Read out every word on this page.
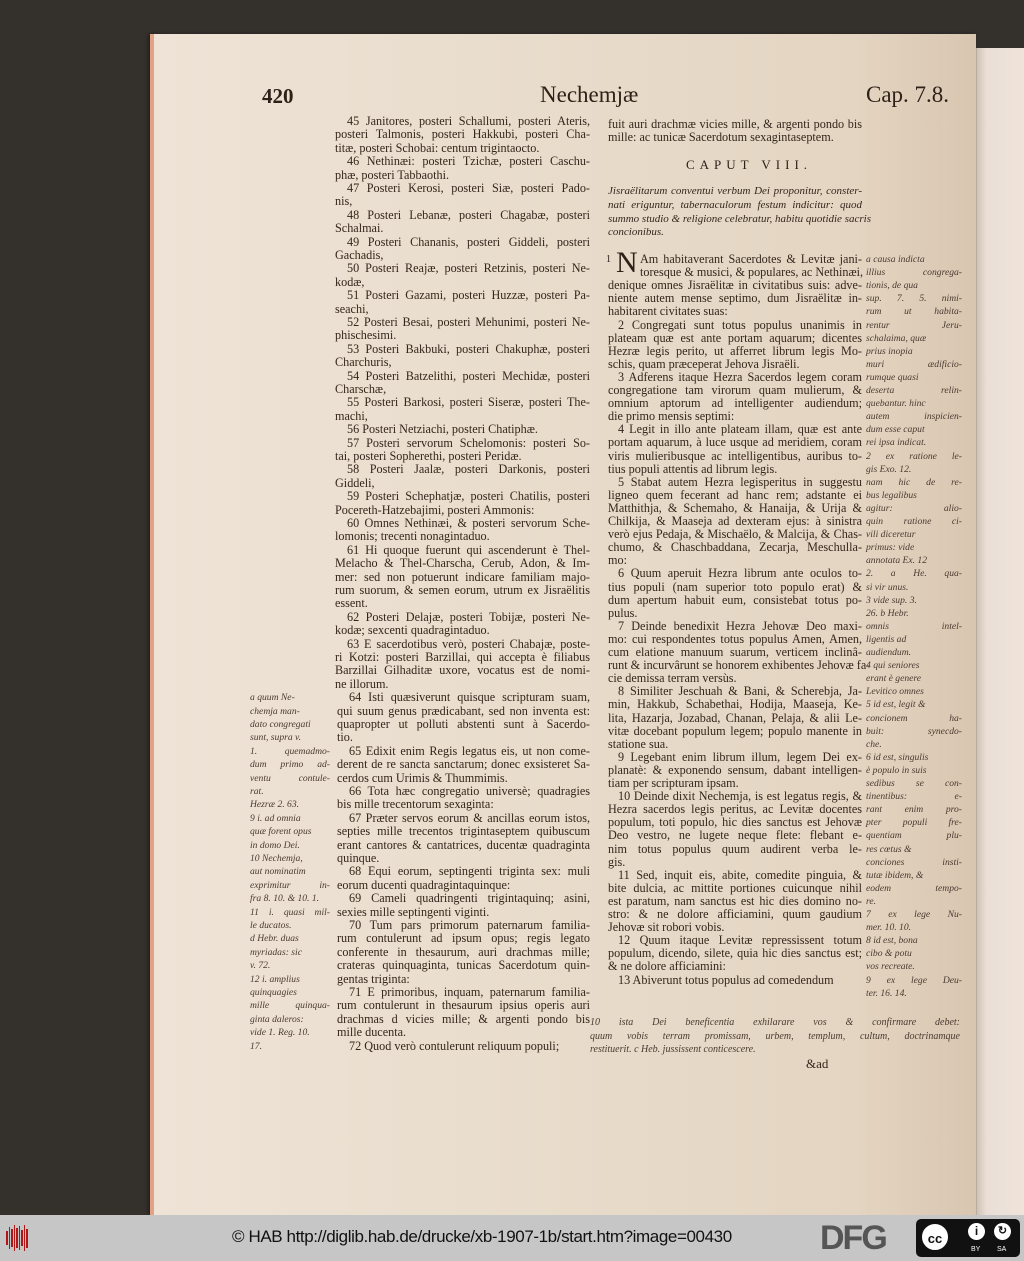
420	Nechemjæ	Cap. 7.8.
45 Janitores, posteri Schallumi, posteri Ateris,
posteri Talmonis, posteri Hakkubi, posteri Cha-
titæ, posteri Schobai: centum trigintaocto.
46 Nethinæi: posteri Tzichæ, posteri Caschu-
phæ, posteri Tabbaothi.
47 Posteri Kerosi, posteri Siæ, posteri Pado-
nis,
48 Posteri Lebanæ, posteri Chagabæ, posteri
Schalmai.
49 Posteri Chananis, posteri Giddeli, posteri
Gachadis,
50 Posteri Reajæ, posteri Retzinis, posteri Ne-
kodæ,
51 Posteri Gazami, posteri Huzzæ, posteri Pa-
seachi,
52 Posteri Besai, posteri Mehunimi, posteri Ne-
phischesimi.
53 Posteri Bakbuki, posteri Chakuphæ, posteri
Charchuris,
54 Posteri Batzelithi, posteri Mechidæ, posteri
Charschæ,
55 Posteri Barkosi, posteri Siseræ, posteri The-
machi,
56 Posteri Netziachi, posteri Chatiphæ.
57 Posteri servorum Schelomonis: posteri So-
tai, posteri Sopherethi, posteri Peridæ.
58 Posteri Jaalæ, posteri Darkonis, posteri
Giddeli,
59 Posteri Schephatjæ, posteri Chatilis, posteri
Pocereth-Hatzebajimi, posteri Ammonis:
60 Omnes Nethinæi, & posteri servorum Sche-
lomonis; trecenti nonagintaduo.
61 Hi quoque fuerunt qui ascenderunt è Thel-
Melacho & Thel-Charscha, Cerub, Adon, & Im-
mer: sed non potuerunt indicare familiam majo-
rum suorum, & semen eorum, utrum ex Jisraëlitis
essent.
62 Posteri Delajæ, posteri Tobijæ, posteri Ne-
kodæ; sexcenti quadragintaduo.
63 E sacerdotibus verò, posteri Chabajæ, poste-
ri Kotzi: posteri Barzillai, qui accepta è filiabus
Barzillai Gilhaditæ uxore, vocatus est de nomi-
ne illorum.
64 Isti quæsiverunt quisque scripturam suam,
qui suum genus prædicabant, sed non inventa est:
quapropter ut polluti abstenti sunt à Sacerdo-
tio.
65 Edixit enim Regis legatus eis, ut non come-
derent de re sancta sanctarum; donec exsisteret Sa-
cerdos cum Urimis & Thummimis.
66 Tota hæc congregatio universè; quadragies
bis mille trecentorum sexaginta:
67 Præter servos eorum & ancillas eorum istos,
septies mille trecentos trigintaseptem quibuscum
erant cantores & cantatrices, ducentæ quadraginta
quinque.
68 Equi eorum, septingenti triginta sex: muli
eorum ducenti quadragintaquinque:
69 Cameli quadringenti trigintaquinq; asini,
sexies mille septingenti viginti.
70 Tum pars primorum paternarum familia-
rum contulerunt ad ipsum opus; regis legato
conferente in thesaurum, auri drachmas mille;
crateras quinquaginta, tunicas Sacerdotum quin-
gentas triginta:
71 E primoribus, inquam, paternarum familia-
rum contulerunt in thesaurum ipsius operis auri
drachmas d vicies mille; & argenti pondo bis
mille ducenta.
72 Quod verò contulerunt reliquum populi;
a quum Ne-
chemja man-
dato congregati
sunt, supra v.
1. quemadmo-
dum primo ad-
ventu contule-
rat.
Hezræ 2. 63.
9 i. ad omnia
quæ forent opus
in domo Dei.
10 Nechemja,
aut nominatim
exprimitur in-
fra 8. 10. & 10. 1.
11 i. quasi mil-
le ducatos.
d Hebr. duas
myriadas: sic
v. 72.
12 i. amplius
quinquagies
mille quinqua-
ginta daleros:
vide 1. Reg. 10.
17.
fuit auri drachmæ vicies mille, & argenti pondo bis
mille: ac tunicæ Sacerdotum sexagintaseptem.
Jisraëlitarum conventui verbum Dei proponitur, conster-
nati eriguntur, tabernaculorum festum indicitur: quod
summo studio & religione celebratur, habitu quotidie sacris
concionibus.
Am habitaverant Sacerdotes & Levitæ jani-
toresque & musici, & populares, ac Nethinæi,
denique omnes Jisraëlitæ in civitatibus suis: adve-
niente autem mense septimo, dum Jisraëlitæ in-
habitarent civitates suas:
2 Congregati sunt totus populus unanimis in
plateam quæ est ante portam aquarum; dicentes
Hezræ legis perito, ut afferret librum legis Mo-
schis, quam præceperat Jehova Jisraëli.
3 Adferens itaque Hezra Sacerdos legem coram
congregatione tam virorum quam mulierum, &
omnium aptorum ad intelligenter audiendum;
die primo mensis septimi:
4 Legit in illo ante plateam illam, quæ est ante
portam aquarum, à luce usque ad meridiem, coram
viris mulieribusque ac intelligentibus, auribus to-
tius populi attentis ad librum legis.
5 Stabat autem Hezra legisperitus in suggestu
ligneo quem fecerant ad hanc rem; adstante ei
Matthithja, & Schemaho, & Hanaija, & Urija &
Chilkija, & Maaseja ad dexteram ejus: à sinistra
verò ejus Pedaja, & Mischaëlo, & Malcija, & Chas-
chumo, & Chaschbaddana, Zecarja, Meschulla-
mo:
6 Quum aperuit Hezra librum ante oculos to-
tius populi (nam superior toto populo erat) &
dum apertum habuit eum, consistebat totus po-
pulus.
7 Deinde benedixit Hezra Jehovæ Deo maxi-
mo: cui respondentes totus populus Amen, Amen,
cum elatione manuum suarum, verticem inclinâ-
runt & incurvârunt se honorem exhibentes Jehovæ fa-
cie demissa terram versùs.
8 Similiter Jeschuah & Bani, & Scherebja, Ja-
min, Hakkub, Schabethai, Hodija, Maaseja, Ke-
lita, Hazarja, Jozabad, Chanan, Pelaja, & alii Le-
vitæ docebant populum legem; populo manente in
statione sua.
9 Legebant enim librum illum, legem Dei ex-
planatè: & exponendo sensum, dabant intelligen-
tiam per scripturam ipsam.
10 Deinde dixit Nechemja, is est legatus regis, &
Hezra sacerdos legis peritus, ac Levitæ docentes
populum, toti populo, hic dies sanctus est Jehovæ
Deo vestro, ne lugete neque flete: flebant e-
nim totus populus quum audirent verba le-
gis.
11 Sed, inquit eis, abite, comedite pinguia, &
bite dulcia, ac mittite portiones cuicunque nihil
est paratum, nam sanctus est hic dies domino no-
stro: & ne dolore afficiamini, quum gaudium
Jehovæ sit robori vobis.
12 Quum itaque Levitæ repressissent totum
populum, dicendo, silete, quia hic dies sanctus est;
& ne dolore afficiamini:
13 Abiverunt totus populus ad comedendum
a causa indicta
illius congrega-
tionis, de qua
sup. 7. 5. nimi-
rum ut habita-
rentur Jeru-
schalaima, quæ
prius inopia
muri ædificio-
rumque quasi
deserta relin-
quebantur. hinc
autem inspicien-
dum esse caput
rei ipsa indicat.
2 ex ratione le-
gis Exo. 12.
nam hic de re-
bus legalibus
agitur: alio-
quin ratione ci-
vili diceretur
primus: vide
annotata Ex. 12
2. a He. qua-
si vir unus.
3 vide sup. 3.
26. b Hebr.
omnis intel-
ligentis ad
audiendum.
4 qui seniores
erant è genere
Levitico omnes
5 id est, legit &
concionem ha-
buit: synecdo-
che.
6 id est, singulis
è populo in suis
sedibus se con-
tinentibus: e-
rant enim pro-
pter populi fre-
quentiam plu-
res cœtus &
conciones insti-
tutæ ibidem, &
eodem tempo-
re.
7 ex lege Nu-
mer. 10. 10.
8 id est, bona
cibo & potu
vos recreate.
9 ex lege Deu-
ter. 16. 14.
10 ista Dei beneficentia exhilarare vos & confirmare debet:
quum vobis terram promissam, urbem, templum, cultum, doctrinamque
restituerit. c Heb. jussissent conticescere.
CAPUT VIII.
1 N
&ad
© HAB http://diglib.hab.de/drucke/xb-1907-1b/start.htm?image=00430	DFG	cc	i	↻
BY SA
